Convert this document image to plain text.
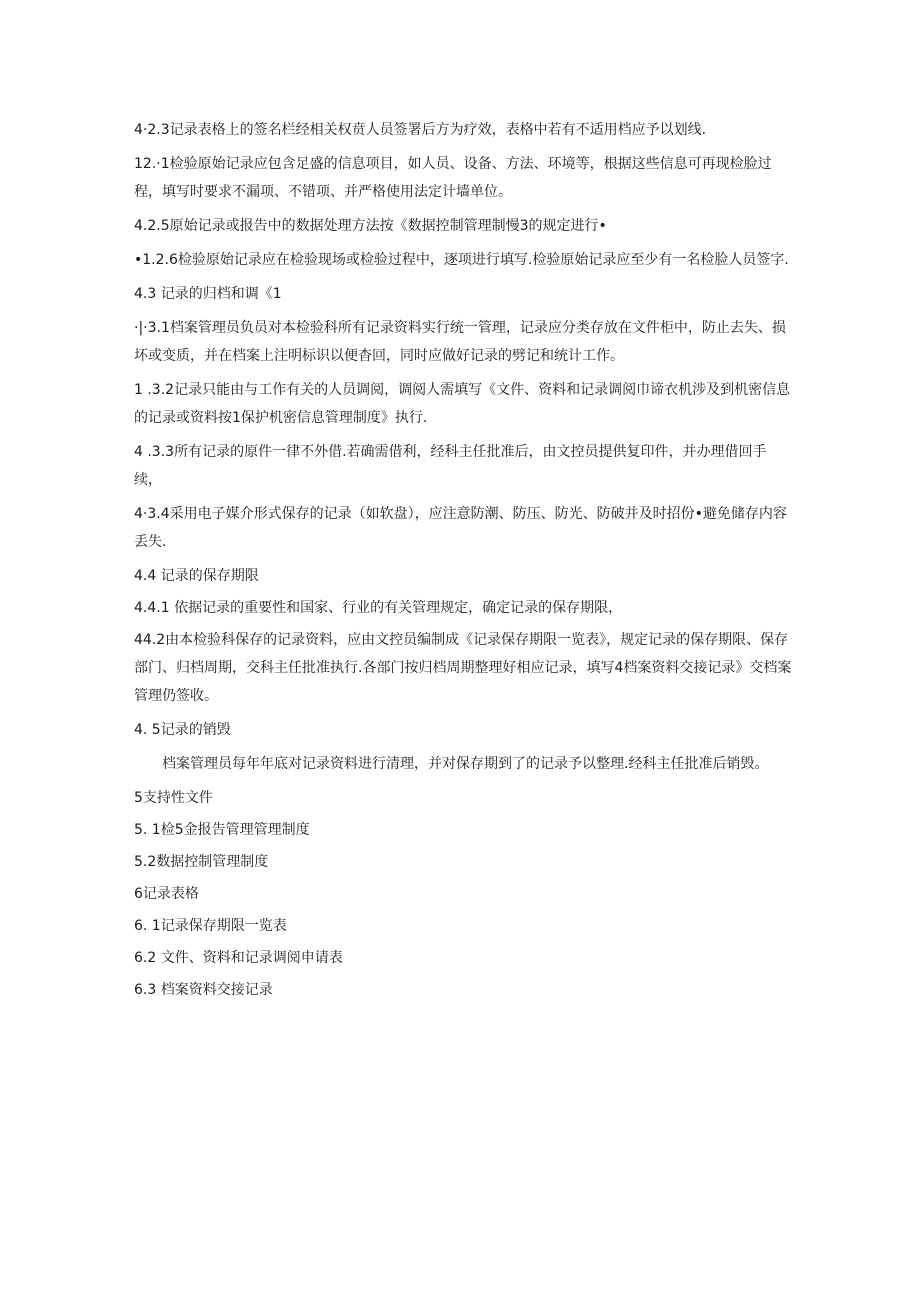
4·2.3记录表格上的签名栏经相关权贲人员签署后方为疗效，表格中若有不适用档应予以划线.

12.·1检验原始记录应包含足盛的信息项目，如人员、设备、方法、环境等，根据这些信息可再现检脸过程，填写时要求不漏项、不错项、并严格使用法定计墙单位。

4.2.5原始记录或报告中的数据处理方法按《数据控制管理制慢3的规定进行•

•1.2.6检验原始记录应在检验现场或检验过程中，逐项进行填写.检验原始记录应至少有一名检脸人员签字.

4.3 记录的归档和调《1

·|·3.1档案管理员负员对本检验科所有记录资料实行统一管理，记录应分类存放在文件柜中，防止去失、损坏或变质，并在档案上注明标识以便杳回，同时应做好记录的劈记和统计工作。

1 .3.2记录只能由与工作有关的人员调阅，调阅人需填写《文件、资料和记录调阅巾谛衣机涉及到机密信息的记录或资料按1保护机密信息管理制度》执行.

4 .3.3所有记录的原件一律不外借.若确需借利，经科主任批准后，由文控员提供复印件，并办理借回手续，

4·3.4采用电子媒介形式保存的记录（如软盘），应注意防潮、防压、防光、防破并及时招份•避免储存内容丢失.

4.4 记录的保存期限

4.4.1 依据记录的重要性和国家、行业的有关管理规定，确定记录的保存期限，

44.2由本检验科保存的记录资料，应由文控员编制成《记录保存期限一览表》，规定记录的保存期限、保存部门、归档周期，交科主任批准执行.各部门按归档周期整理好相应记录，填写4档案资料交接记录》交档案管理仍签收。

4. 5记录的销毁

档案管理员每年年底对记录资料进行清理，并对保存期到了的记录予以整理.经科主任批准后销毁。

5支持性文件

5. 1检5金报告管理管理制度

5.2数据控制管理制度

6记录表格

6. 1记录保存期限一览表

6.2 文件、资料和记录调阅申请表

6.3 档案资料交接记录
